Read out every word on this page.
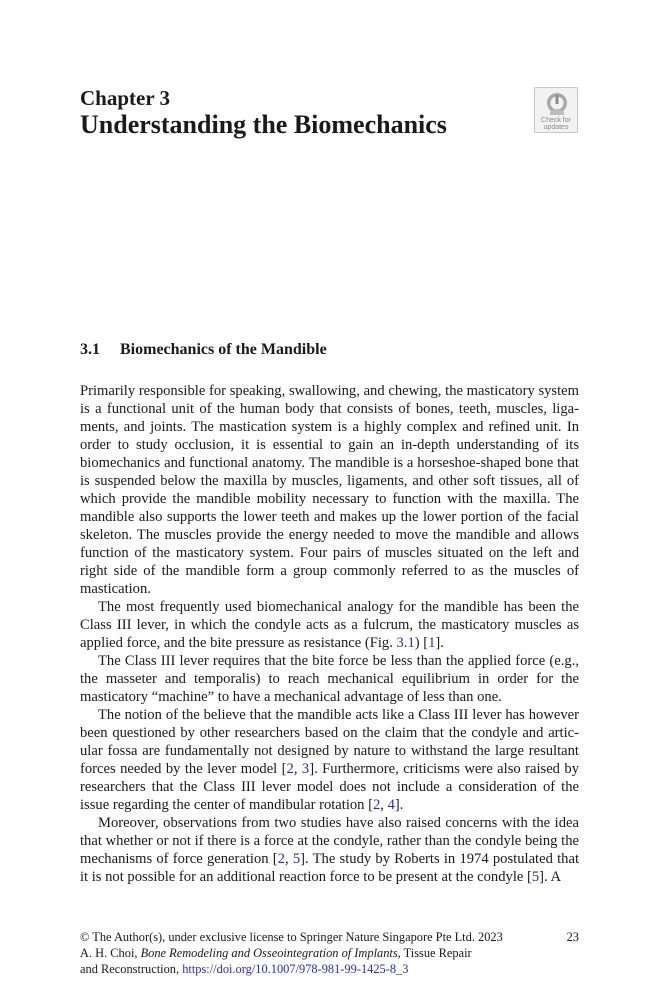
Chapter 3
Understanding the Biomechanics	Check for
updates
3.1 Biomechanics of the Mandible

Primarily responsible for speaking, swallowing, and chewing, the masticatory system is a functional unit of the human body that consists of bones, teeth, muscles, ligaments, and joints. The mastication system is a highly complex and refined unit. In order to study occlusion, it is essential to gain an in-depth understanding of its biomechanics and functional anatomy. The mandible is a horseshoe-shaped bone that is suspended below the maxilla by muscles, ligaments, and other soft tissues, all of which provide the mandible mobility necessary to function with the maxilla. The mandible also supports the lower teeth and makes up the lower portion of the facial skeleton. The muscles provide the energy needed to move the mandible and allows function of the masticatory system. Four pairs of muscles situated on the left and right side of the mandible form a group commonly referred to as the muscles of mastication.

The most frequently used biomechanical analogy for the mandible has been the Class III lever, in which the condyle acts as a fulcrum, the masticatory muscles as applied force, and the bite pressure as resistance (Fig. 3.1) [1].

The Class III lever requires that the bite force be less than the applied force (e.g., the masseter and temporalis) to reach mechanical equilibrium in order for the masticatory “machine” to have a mechanical advantage of less than one.

The notion of the believe that the mandible acts like a Class III lever has however been questioned by other researchers based on the claim that the condyle and articular fossa are fundamentally not designed by nature to withstand the large resultant forces needed by the lever model [2, 3]. Furthermore, criticisms were also raised by researchers that the Class III lever model does not include a consideration of the issue regarding the center of mandibular rotation [2, 4].

Moreover, observations from two studies have also raised concerns with the idea that whether or not if there is a force at the condyle, rather than the condyle being the mechanisms of force generation [2, 5]. The study by Roberts in 1974 postulated that it is not possible for an additional reaction force to be present at the condyle [5]. A

© The Author(s), under exclusive license to Springer Nature Singapore Pte Ltd. 2023
A. H. Choi, Bone Remodeling and Osseointegration of Implants, Tissue Repair
and Reconstruction, https://doi.org/10.1007/978-981-99-1425-8_3
23
